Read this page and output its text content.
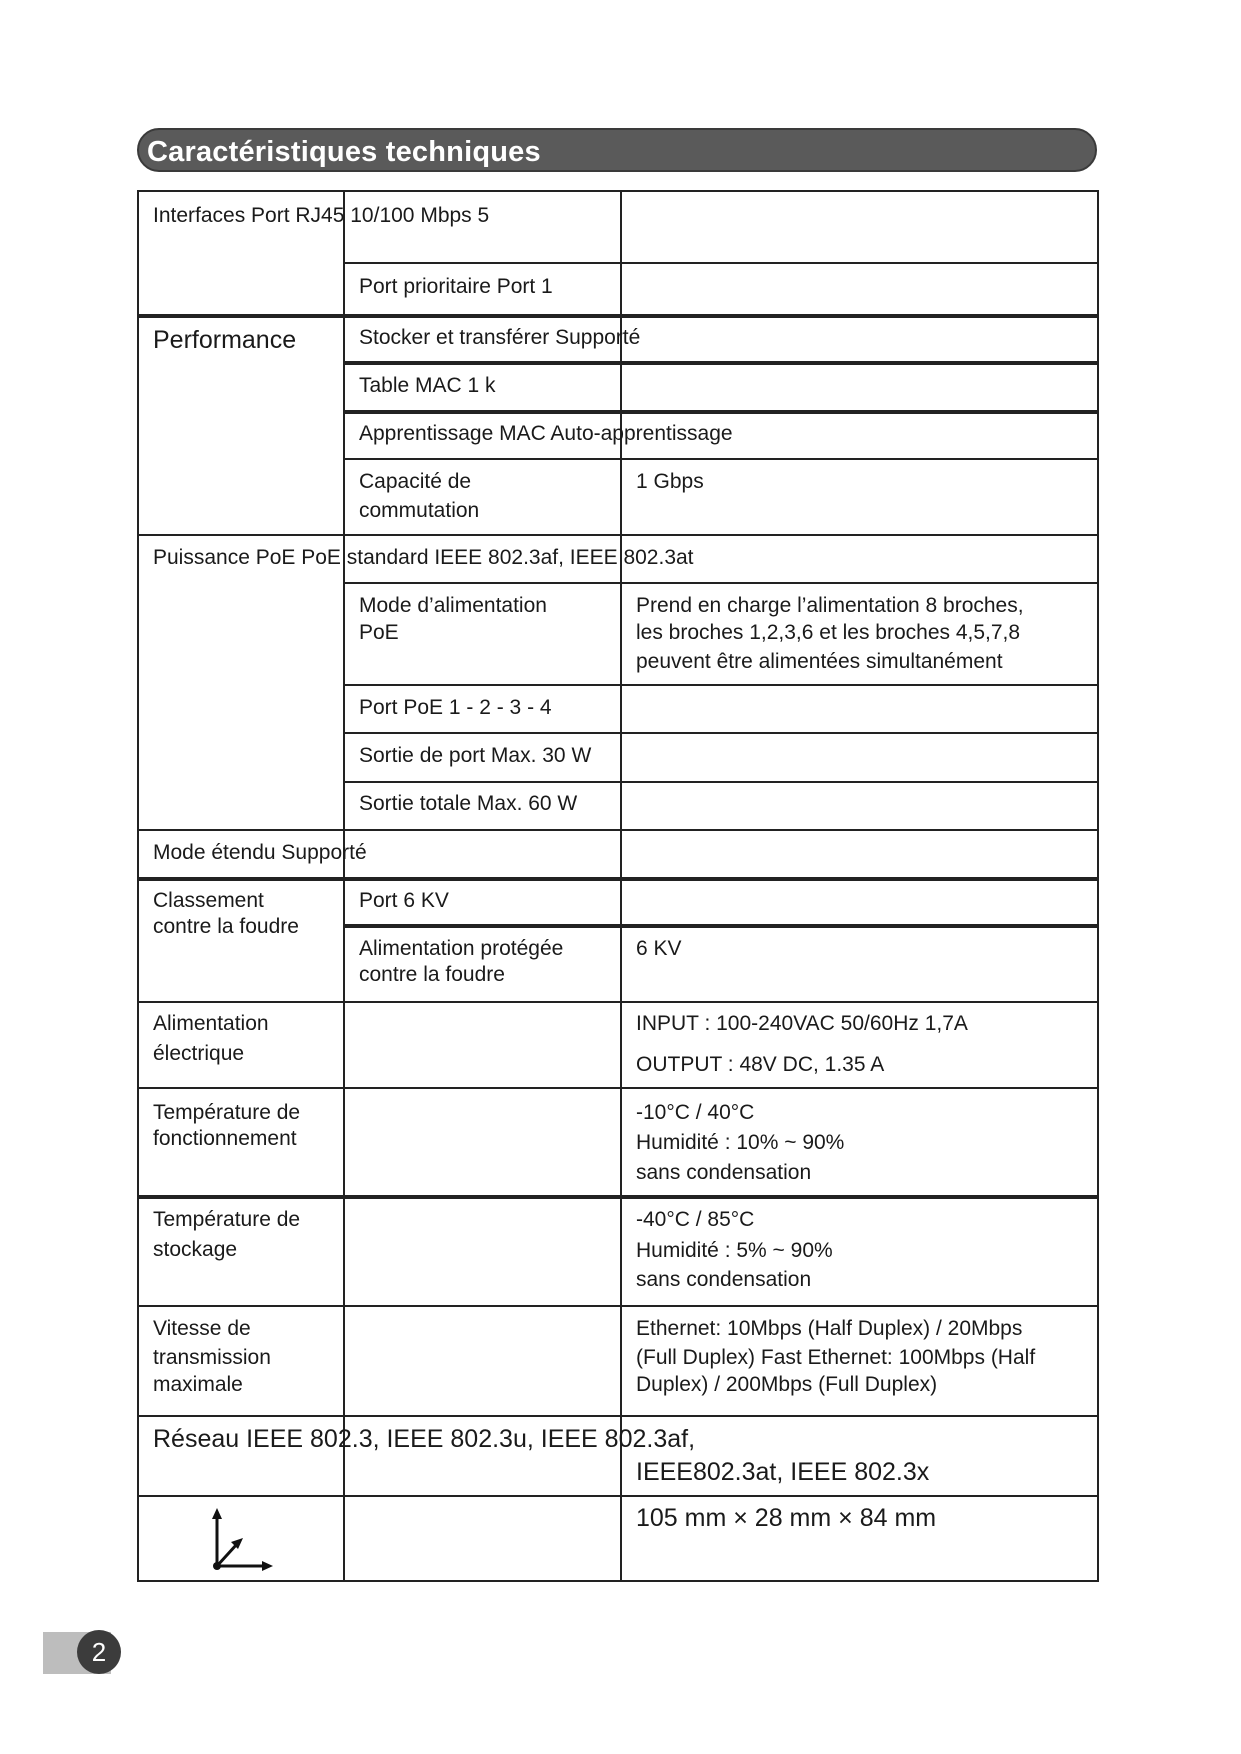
Caractéristiques techniques
Interfaces Port RJ45 10/100 Mbps 5
Port prioritaire Port 1
Performance	Stocker et transférer Supporté
Table MAC 1 k
Apprentissage MAC Auto-apprentissage
Capacité de
commutation
1 Gbps
Puissance PoE PoE standard IEEE 802.3af, IEEE 802.3at
Mode d’alimentation
PoE
Prend en charge l’alimentation 8 broches,
les broches 1,2,3,6 et les broches 4,5,7,8
peuvent être alimentées simultanément
Port PoE 1 - 2 - 3 - 4
Sortie de port Max. 30 W
Sortie totale Max. 60 W
Mode étendu Supporté
Classement
contre la foudre
Port 6 KV
Alimentation protégée
contre la foudre
6 KV
Alimentation
électrique
INPUT : 100-240VAC 50/60Hz 1,7A
OUTPUT : 48V DC, 1.35 A
Température de
fonctionnement
-10°C / 40°C
Humidité : 10% ~ 90%
sans condensation
Température de
stockage
-40°C / 85°C
Humidité : 5% ~ 90%
sans condensation
Vitesse de
transmission
maximale
Ethernet: 10Mbps (Half Duplex) / 20Mbps
(Full Duplex) Fast Ethernet: 100Mbps (Half
Duplex) / 200Mbps (Full Duplex)
Réseau IEEE 802.3, IEEE 802.3u, IEEE 802.3af,
IEEE802.3at, IEEE 802.3x
105 mm × 28 mm × 84 mm
2
